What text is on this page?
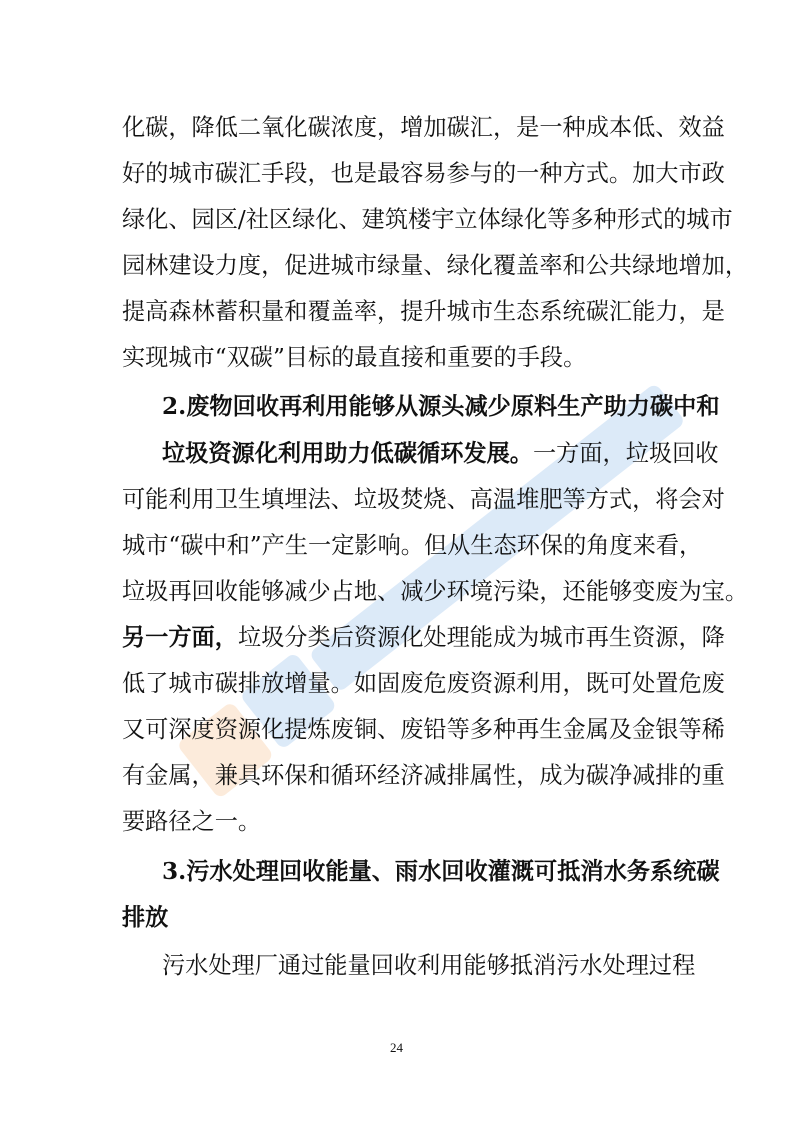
化碳，降低二氧化碳浓度，增加碳汇，是一种成本低、效益
好的城市碳汇手段，也是最容易参与的一种方式。加大市政
绿化、园区/社区绿化、建筑楼宇立体绿化等多种形式的城市
园林建设力度，促进城市绿量、绿化覆盖率和公共绿地增加，
提高森林蓄积量和覆盖率，提升城市生态系统碳汇能力，是
实现城市“双碳”目标的最直接和重要的手段。
2.废物回收再利用能够从源头减少原料生产助力碳中和
垃圾资源化利用助力低碳循环发展。一方面，垃圾回收
可能利用卫生填埋法、垃圾焚烧、高温堆肥等方式，将会对
城市“碳中和”产生一定影响。但从生态环保的角度来看，
垃圾再回收能够减少占地、减少环境污染，还能够变废为宝。
另一方面，垃圾分类后资源化处理能成为城市再生资源，降
低了城市碳排放增量。如固废危废资源利用，既可处置危废
又可深度资源化提炼废铜、废铅等多种再生金属及金银等稀
有金属，兼具环保和循环经济减排属性，成为碳净减排的重
要路径之一。
3.污水处理回收能量、雨水回收灌溉可抵消水务系统碳
排放
污水处理厂通过能量回收利用能够抵消污水处理过程
24
